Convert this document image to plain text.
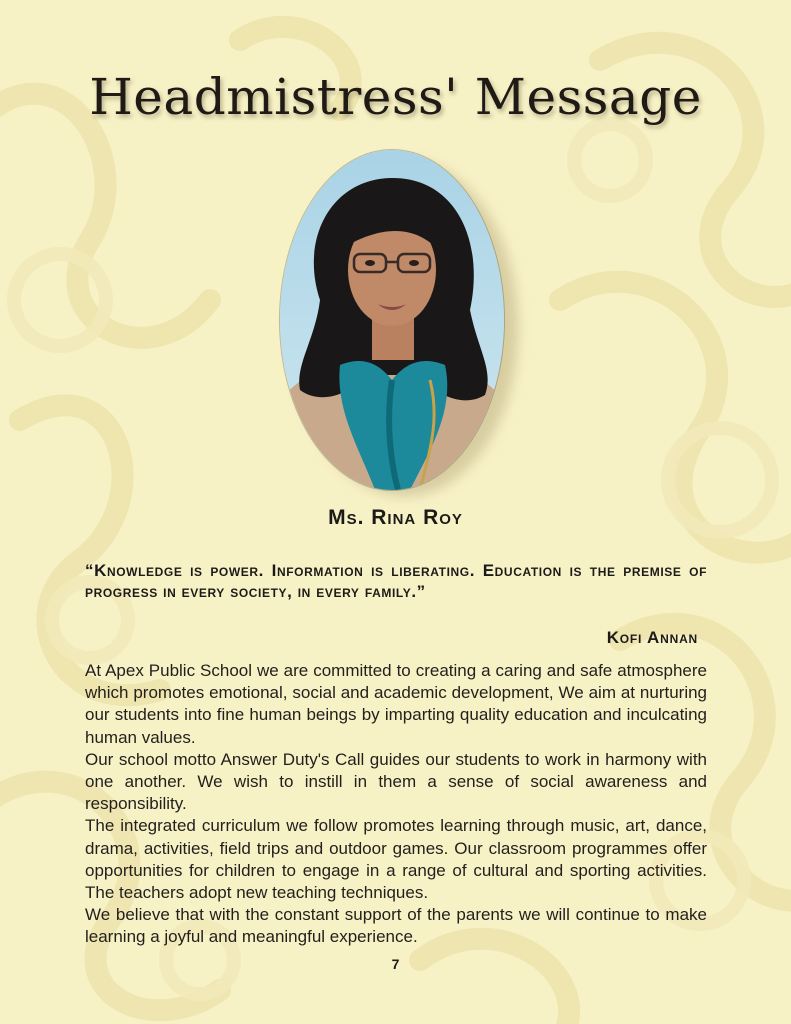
Headmistress' Message
Ms. Rina Roy

“Knowledge is power. Information is liberating. Education is the premise of progress in every society, in every family.”

Kofi Annan

At Apex Public School we are committed to creating a caring and safe atmosphere which promotes emotional, social and academic development, We aim at nurturing our students into fine human beings by imparting quality education and inculcating human values.

Our school motto Answer Duty's Call guides our students to work in harmony with one another. We wish to instill in them a sense of social awareness and responsibility.

The integrated curriculum we follow promotes learning through music, art, dance, drama, activities, field trips and outdoor games. Our classroom programmes offer opportunities for children to engage in a range of cultural and sporting activities. The teachers adopt new teaching techniques.

We believe that with the constant support of the parents we will continue to make learning a joyful and meaningful experience.

7
